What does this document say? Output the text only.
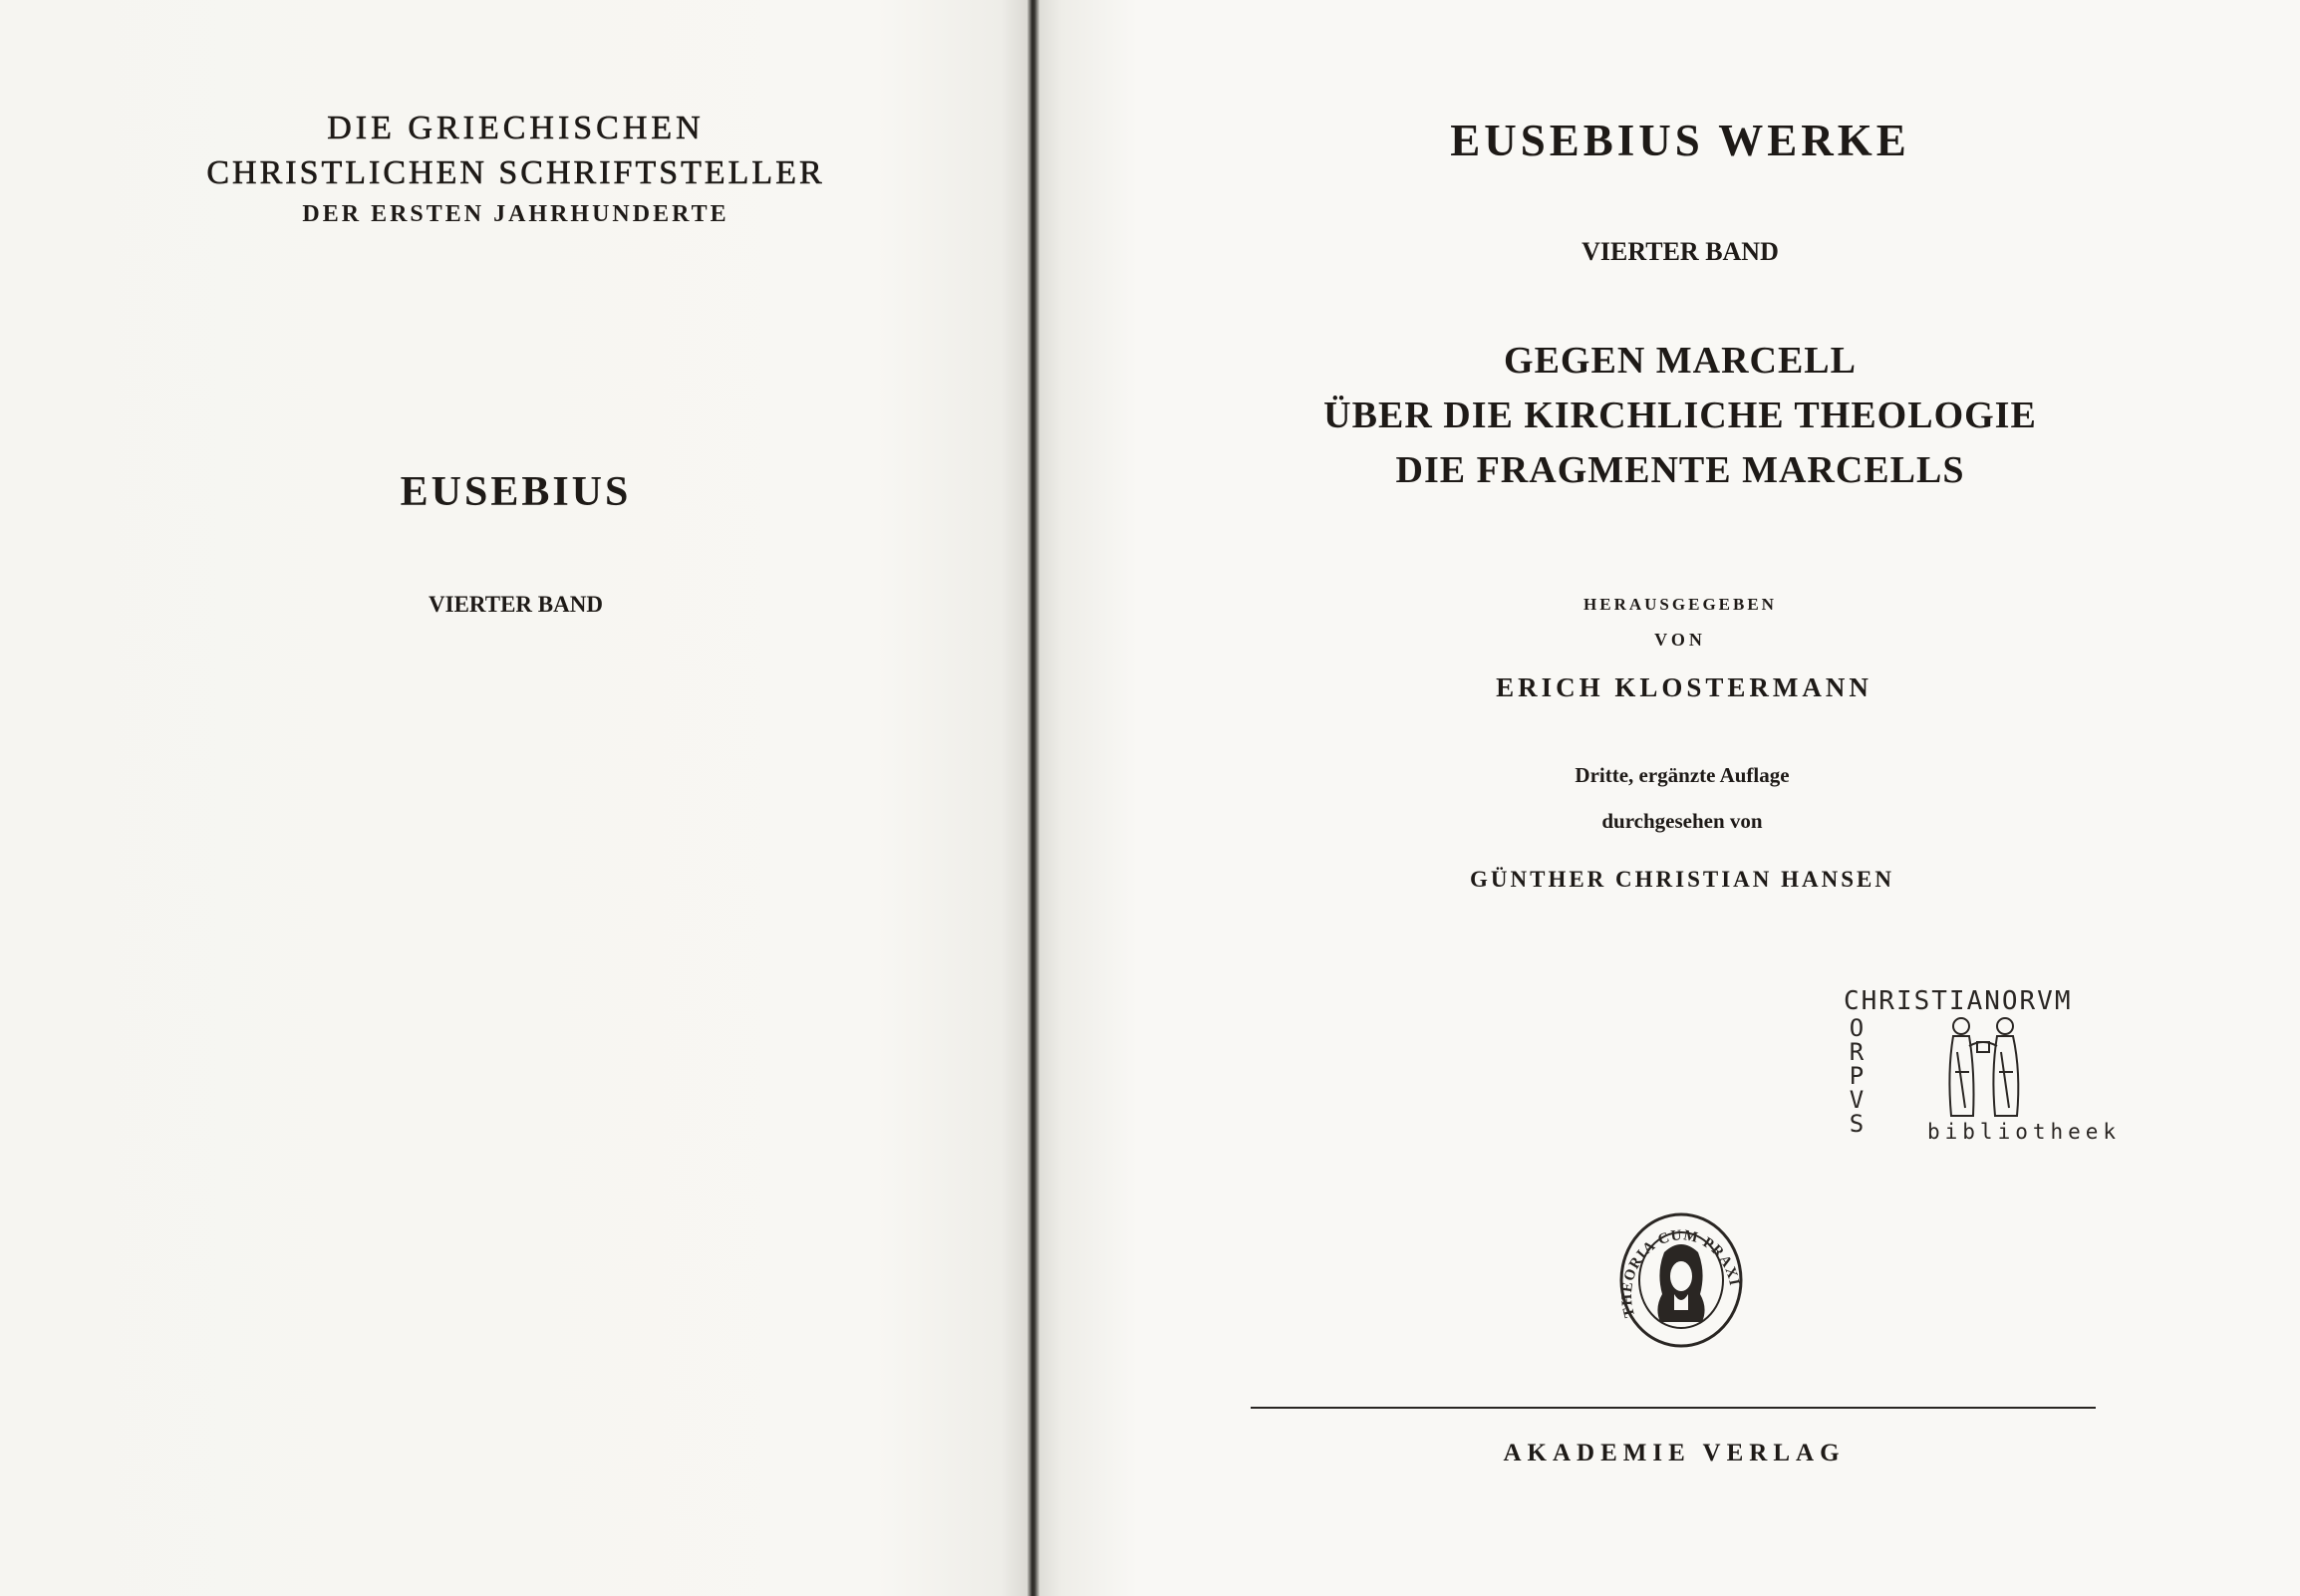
DIE GRIECHISCHEN
CHRISTLICHEN SCHRIFTSTELLER
DER ERSTEN JAHRHUNDERTE
EUSEBIUS
VIERTER BAND
EUSEBIUS WERKE
VIERTER BAND
GEGEN MARCELL
ÜBER DIE KIRCHLICHE THEOLOGIE
DIE FRAGMENTE MARCELLS
HERAUSGEGEBEN
VON
ERICH KLOSTERMANN
Dritte, ergänzte Auflage
durchgesehen von
GÜNTHER CHRISTIAN HANSEN
CHRISTIANORVM
O
R
P
V
S	bibliotheek
THEORIA CUM PRAXI
AKADEMIE VERLAG
